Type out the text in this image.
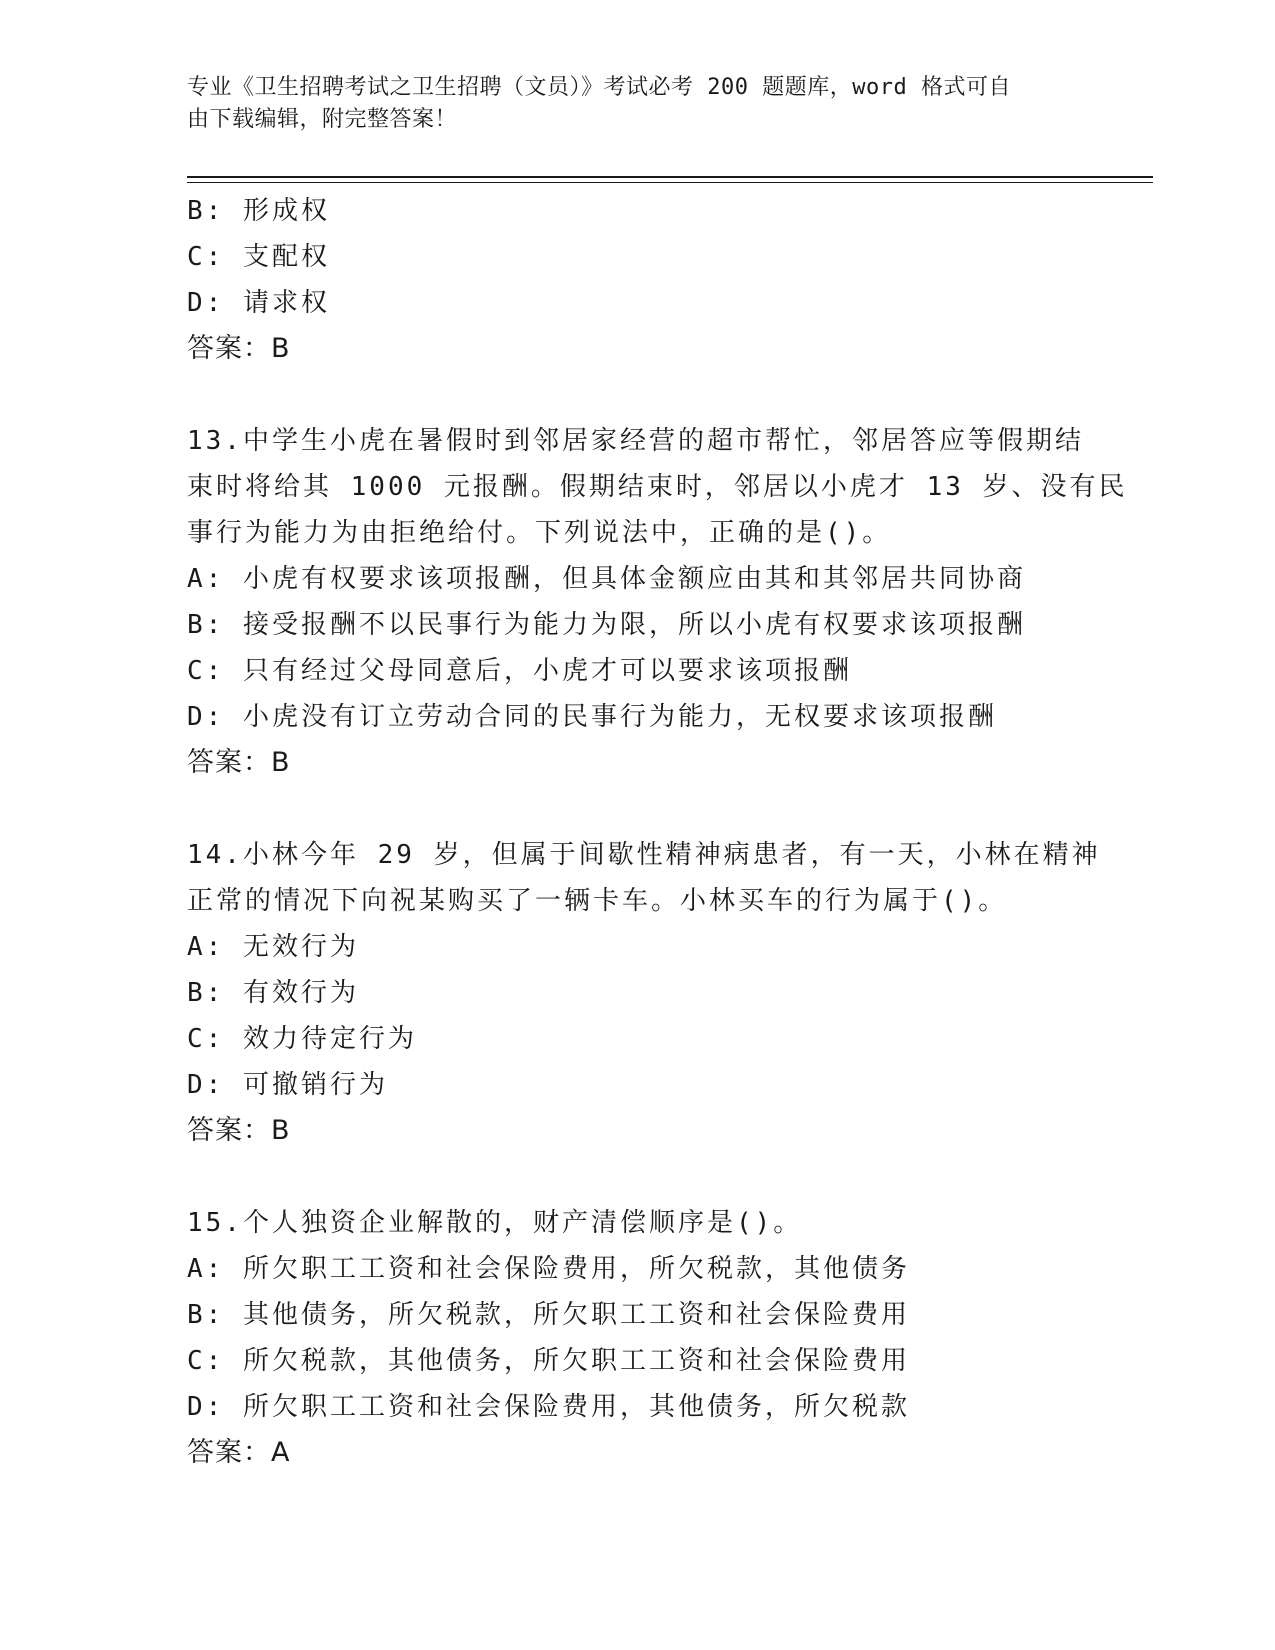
专业《卫生招聘考试之卫生招聘（文员）》考试必考 200 题题库，word 格式可自
由下载编辑，附完整答案！
B: 形成权
C: 支配权
D: 请求权
答案：B
13.中学生小虎在暑假时到邻居家经营的超市帮忙，邻居答应等假期结
束时将给其 1000 元报酬。假期结束时，邻居以小虎才 13 岁、没有民
事行为能力为由拒绝给付。下列说法中，正确的是()。
A: 小虎有权要求该项报酬，但具体金额应由其和其邻居共同协商
B: 接受报酬不以民事行为能力为限，所以小虎有权要求该项报酬
C: 只有经过父母同意后，小虎才可以要求该项报酬
D: 小虎没有订立劳动合同的民事行为能力，无权要求该项报酬
答案：B
14.小林今年 29 岁，但属于间歇性精神病患者，有一天，小林在精神
正常的情况下向祝某购买了一辆卡车。小林买车的行为属于()。
A: 无效行为
B: 有效行为
C: 效力待定行为
D: 可撤销行为
答案：B
15.个人独资企业解散的，财产清偿顺序是()。
A: 所欠职工工资和社会保险费用，所欠税款，其他债务
B: 其他债务，所欠税款，所欠职工工资和社会保险费用
C: 所欠税款，其他债务，所欠职工工资和社会保险费用
D: 所欠职工工资和社会保险费用，其他债务，所欠税款
答案：A
